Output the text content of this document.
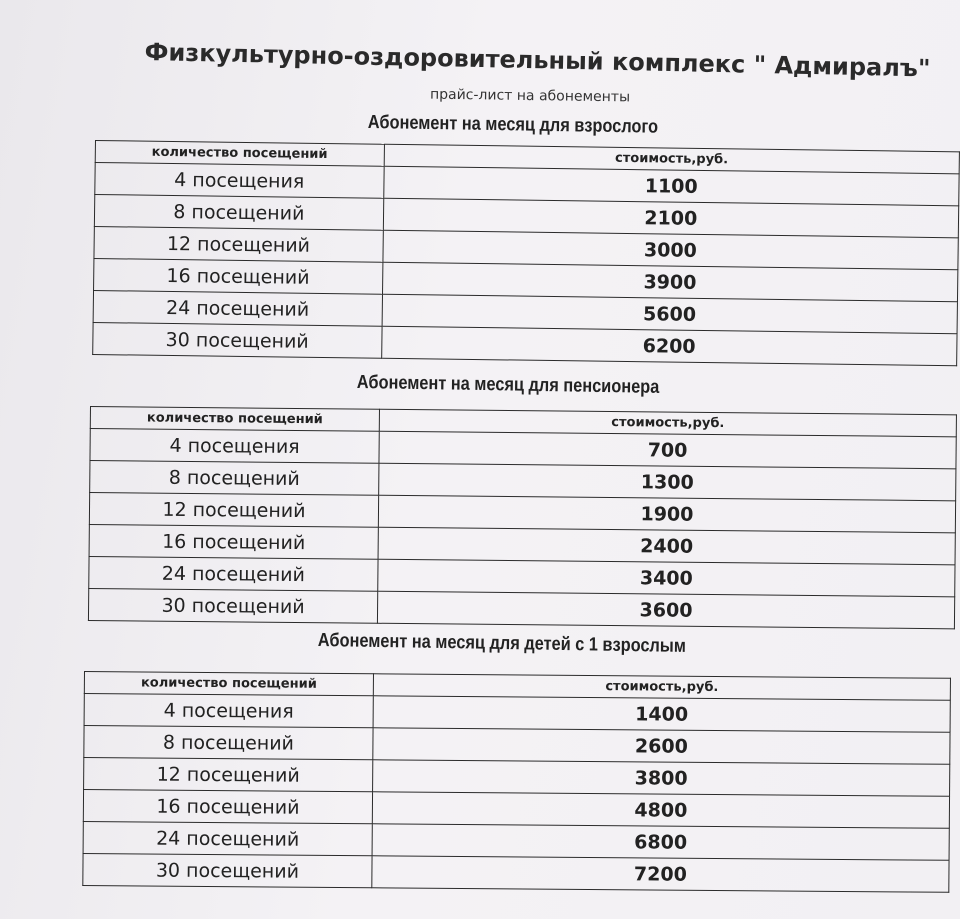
Физкультурно-оздоровительный комплекс " Адмиралъ"
прайс-лист на абонементы
Абонемент на месяц для взрослого
количество посещений	стоимость,руб.
4 посещения	1100
8 посещений	2100
12 посещений	3000
16 посещений	3900
24 посещений	5600
30 посещений	6200
Абонемент на месяц для пенсионера
количество посещений	стоимость,руб.
4 посещения	700
8 посещений	1300
12 посещений	1900
16 посещений	2400
24 посещений	3400
30 посещений	3600
Абонемент на месяц для детей с 1 взрослым
количество посещений	стоимость,руб.
4 посещения	1400
8 посещений	2600
12 посещений	3800
16 посещений	4800
24 посещений	6800
30 посещений	7200
